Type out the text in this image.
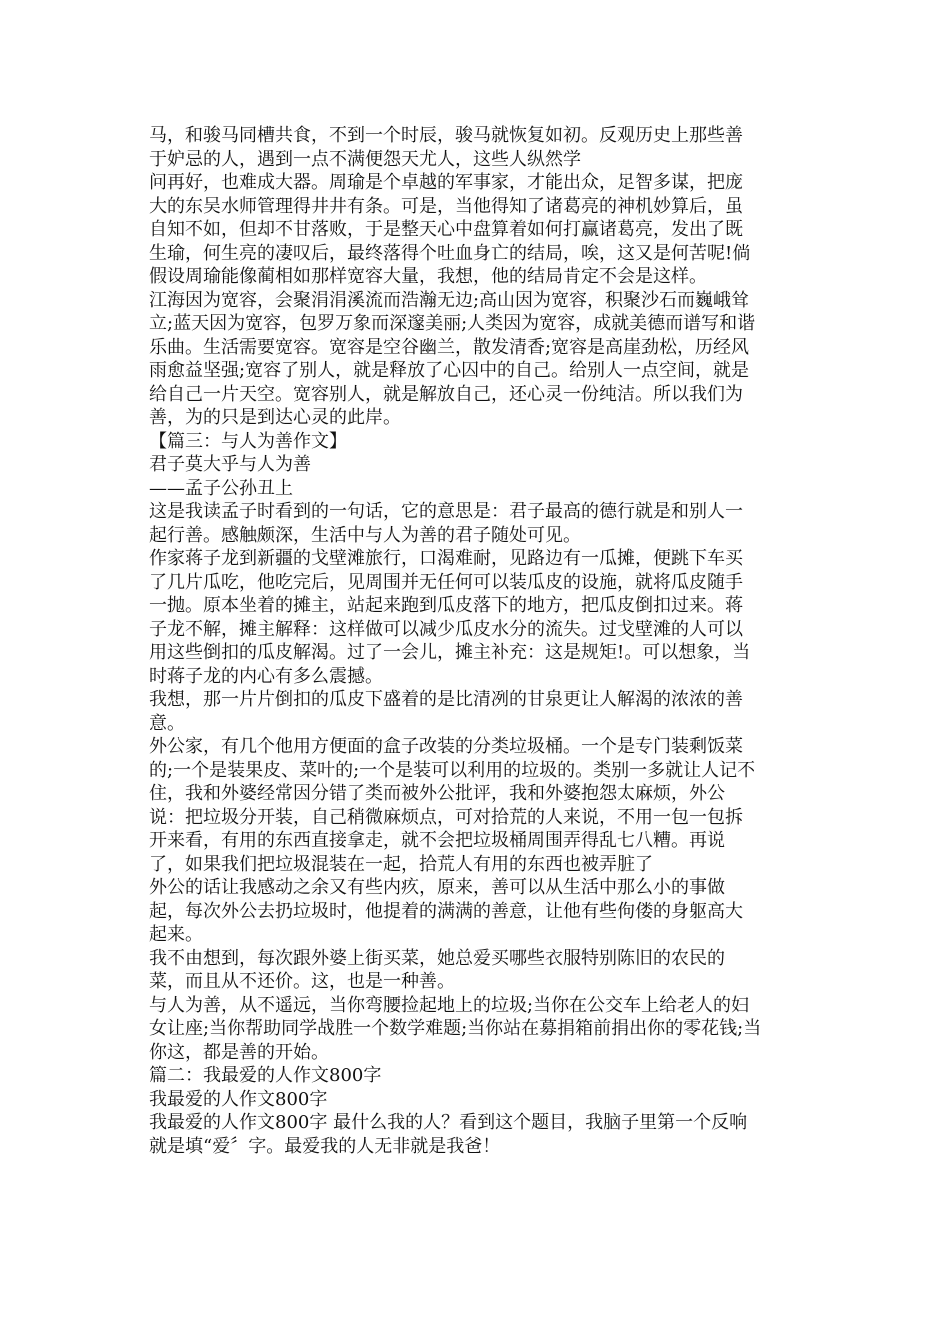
马，和骏马同槽共食，不到一个时辰，骏马就恢复如初。反观历史上那些善
于妒忌的人，遇到一点不满便怨天尤人，这些人纵然学
问再好，也难成大器。周瑜是个卓越的军事家，才能出众，足智多谋，把庞
大的东吴水师管理得井井有条。可是，当他得知了诸葛亮的神机妙算后，虽
自知不如，但却不甘落败，于是整天心中盘算着如何打赢诸葛亮，发出了既
生瑜，何生亮的凄叹后，最终落得个吐血身亡的结局，唉，这又是何苦呢!倘
假设周瑜能像蔺相如那样宽容大量，我想，他的结局肯定不会是这样。
江海因为宽容，会聚涓涓溪流而浩瀚无边;高山因为宽容，积聚沙石而巍峨耸
立;蓝天因为宽容，包罗万象而深邃美丽;人类因为宽容，成就美德而谱写和谐
乐曲。生活需要宽容。宽容是空谷幽兰，散发清香;宽容是高崖劲松，历经风
雨愈益坚强;宽容了别人，就是释放了心囚中的自己。给别人一点空间，就是
给自己一片天空。宽容别人，就是解放自己，还心灵一份纯洁。所以我们为
善，为的只是到达心灵的此岸。
【篇三：与人为善作文】
君子莫大乎与人为善
——孟子公孙丑上
这是我读孟子时看到的一句话，它的意思是：君子最高的德行就是和别人一
起行善。感触颇深，生活中与人为善的君子随处可见。
作家蒋子龙到新疆的戈壁滩旅行，口渴难耐，见路边有一瓜摊，便跳下车买
了几片瓜吃，他吃完后，见周围并无任何可以装瓜皮的设施，就将瓜皮随手
一抛。原本坐着的摊主，站起来跑到瓜皮落下的地方，把瓜皮倒扣过来。蒋
子龙不解，摊主解释：这样做可以减少瓜皮水分的流失。过戈壁滩的人可以
用这些倒扣的瓜皮解渴。过了一会儿，摊主补充：这是规矩!。可以想象，当
时蒋子龙的内心有多么震撼。
我想，那一片片倒扣的瓜皮下盛着的是比清冽的甘泉更让人解渴的浓浓的善
意。
外公家，有几个他用方便面的盒子改装的分类垃圾桶。一个是专门装剩饭菜
的;一个是装果皮、菜叶的;一个是装可以利用的垃圾的。类别一多就让人记不
住，我和外婆经常因分错了类而被外公批评，我和外婆抱怨太麻烦，外公
说：把垃圾分开装，自己稍微麻烦点，可对拾荒的人来说，不用一包一包拆
开来看，有用的东西直接拿走，就不会把垃圾桶周围弄得乱七八糟。再说
了，如果我们把垃圾混装在一起，拾荒人有用的东西也被弄脏了
外公的话让我感动之余又有些内疚，原来，善可以从生活中那么小的事做
起，每次外公去扔垃圾时，他提着的满满的善意，让他有些佝偻的身躯高大
起来。
我不由想到，每次跟外婆上街买菜，她总爱买哪些衣服特别陈旧的农民的
菜，而且从不还价。这，也是一种善。
与人为善，从不遥远，当你弯腰捡起地上的垃圾;当你在公交车上给老人的妇
女让座;当你帮助同学战胜一个数学难题;当你站在募捐箱前捐出你的零花钱;当
你这，都是善的开始。
篇二：我最爱的人作文800字
我最爱的人作文800字
我最爱的人作文800字 最什么我的人？看到这个题目，我脑子里第一个反响
就是填“爱〞字。最爱我的人无非就是我爸！
